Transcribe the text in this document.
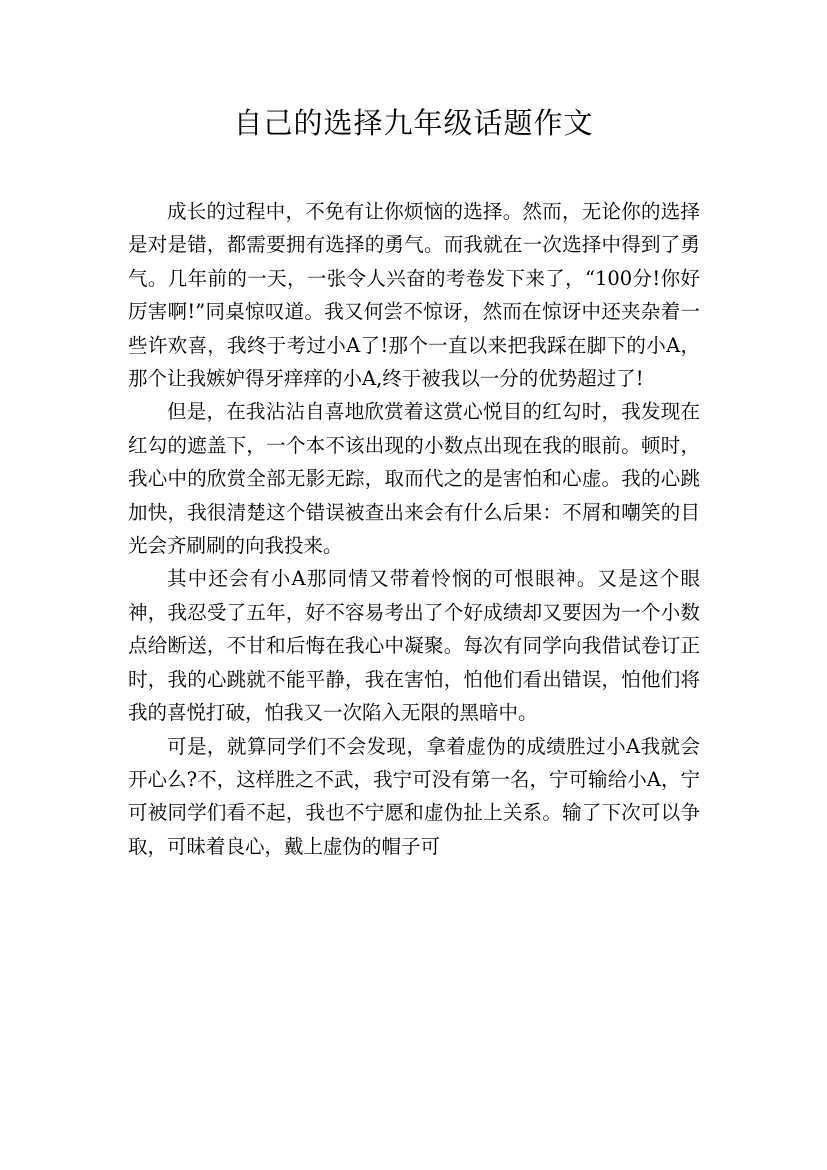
自己的选择九年级话题作文

成长的过程中，不免有让你烦恼的选择。然而，无论你的选择是对是错，都需要拥有选择的勇气。而我就在一次选择中得到了勇气。几年前的一天，一张令人兴奋的考卷发下来了，“100分!你好厉害啊!”同桌惊叹道。我又何尝不惊讶，然而在惊讶中还夹杂着一些许欢喜，我终于考过小A了!那个一直以来把我踩在脚下的小A，那个让我嫉妒得牙痒痒的小A,终于被我以一分的优势超过了!

但是，在我沾沾自喜地欣赏着这赏心悦目的红勾时，我发现在红勾的遮盖下，一个本不该出现的小数点出现在我的眼前。顿时，我心中的欣赏全部无影无踪，取而代之的是害怕和心虚。我的心跳加快，我很清楚这个错误被查出来会有什么后果：不屑和嘲笑的目光会齐刷刷的向我投来。

其中还会有小A那同情又带着怜悯的可恨眼神。又是这个眼神，我忍受了五年，好不容易考出了个好成绩却又要因为一个小数点给断送，不甘和后悔在我心中凝聚。每次有同学向我借试卷订正时，我的心跳就不能平静，我在害怕，怕他们看出错误，怕他们将我的喜悦打破，怕我又一次陷入无限的黑暗中。

可是，就算同学们不会发现，拿着虚伪的成绩胜过小A我就会开心么?不，这样胜之不武，我宁可没有第一名，宁可输给小A，宁可被同学们看不起，我也不宁愿和虚伪扯上关系。输了下次可以争取，可昧着良心，戴上虚伪的帽子可
